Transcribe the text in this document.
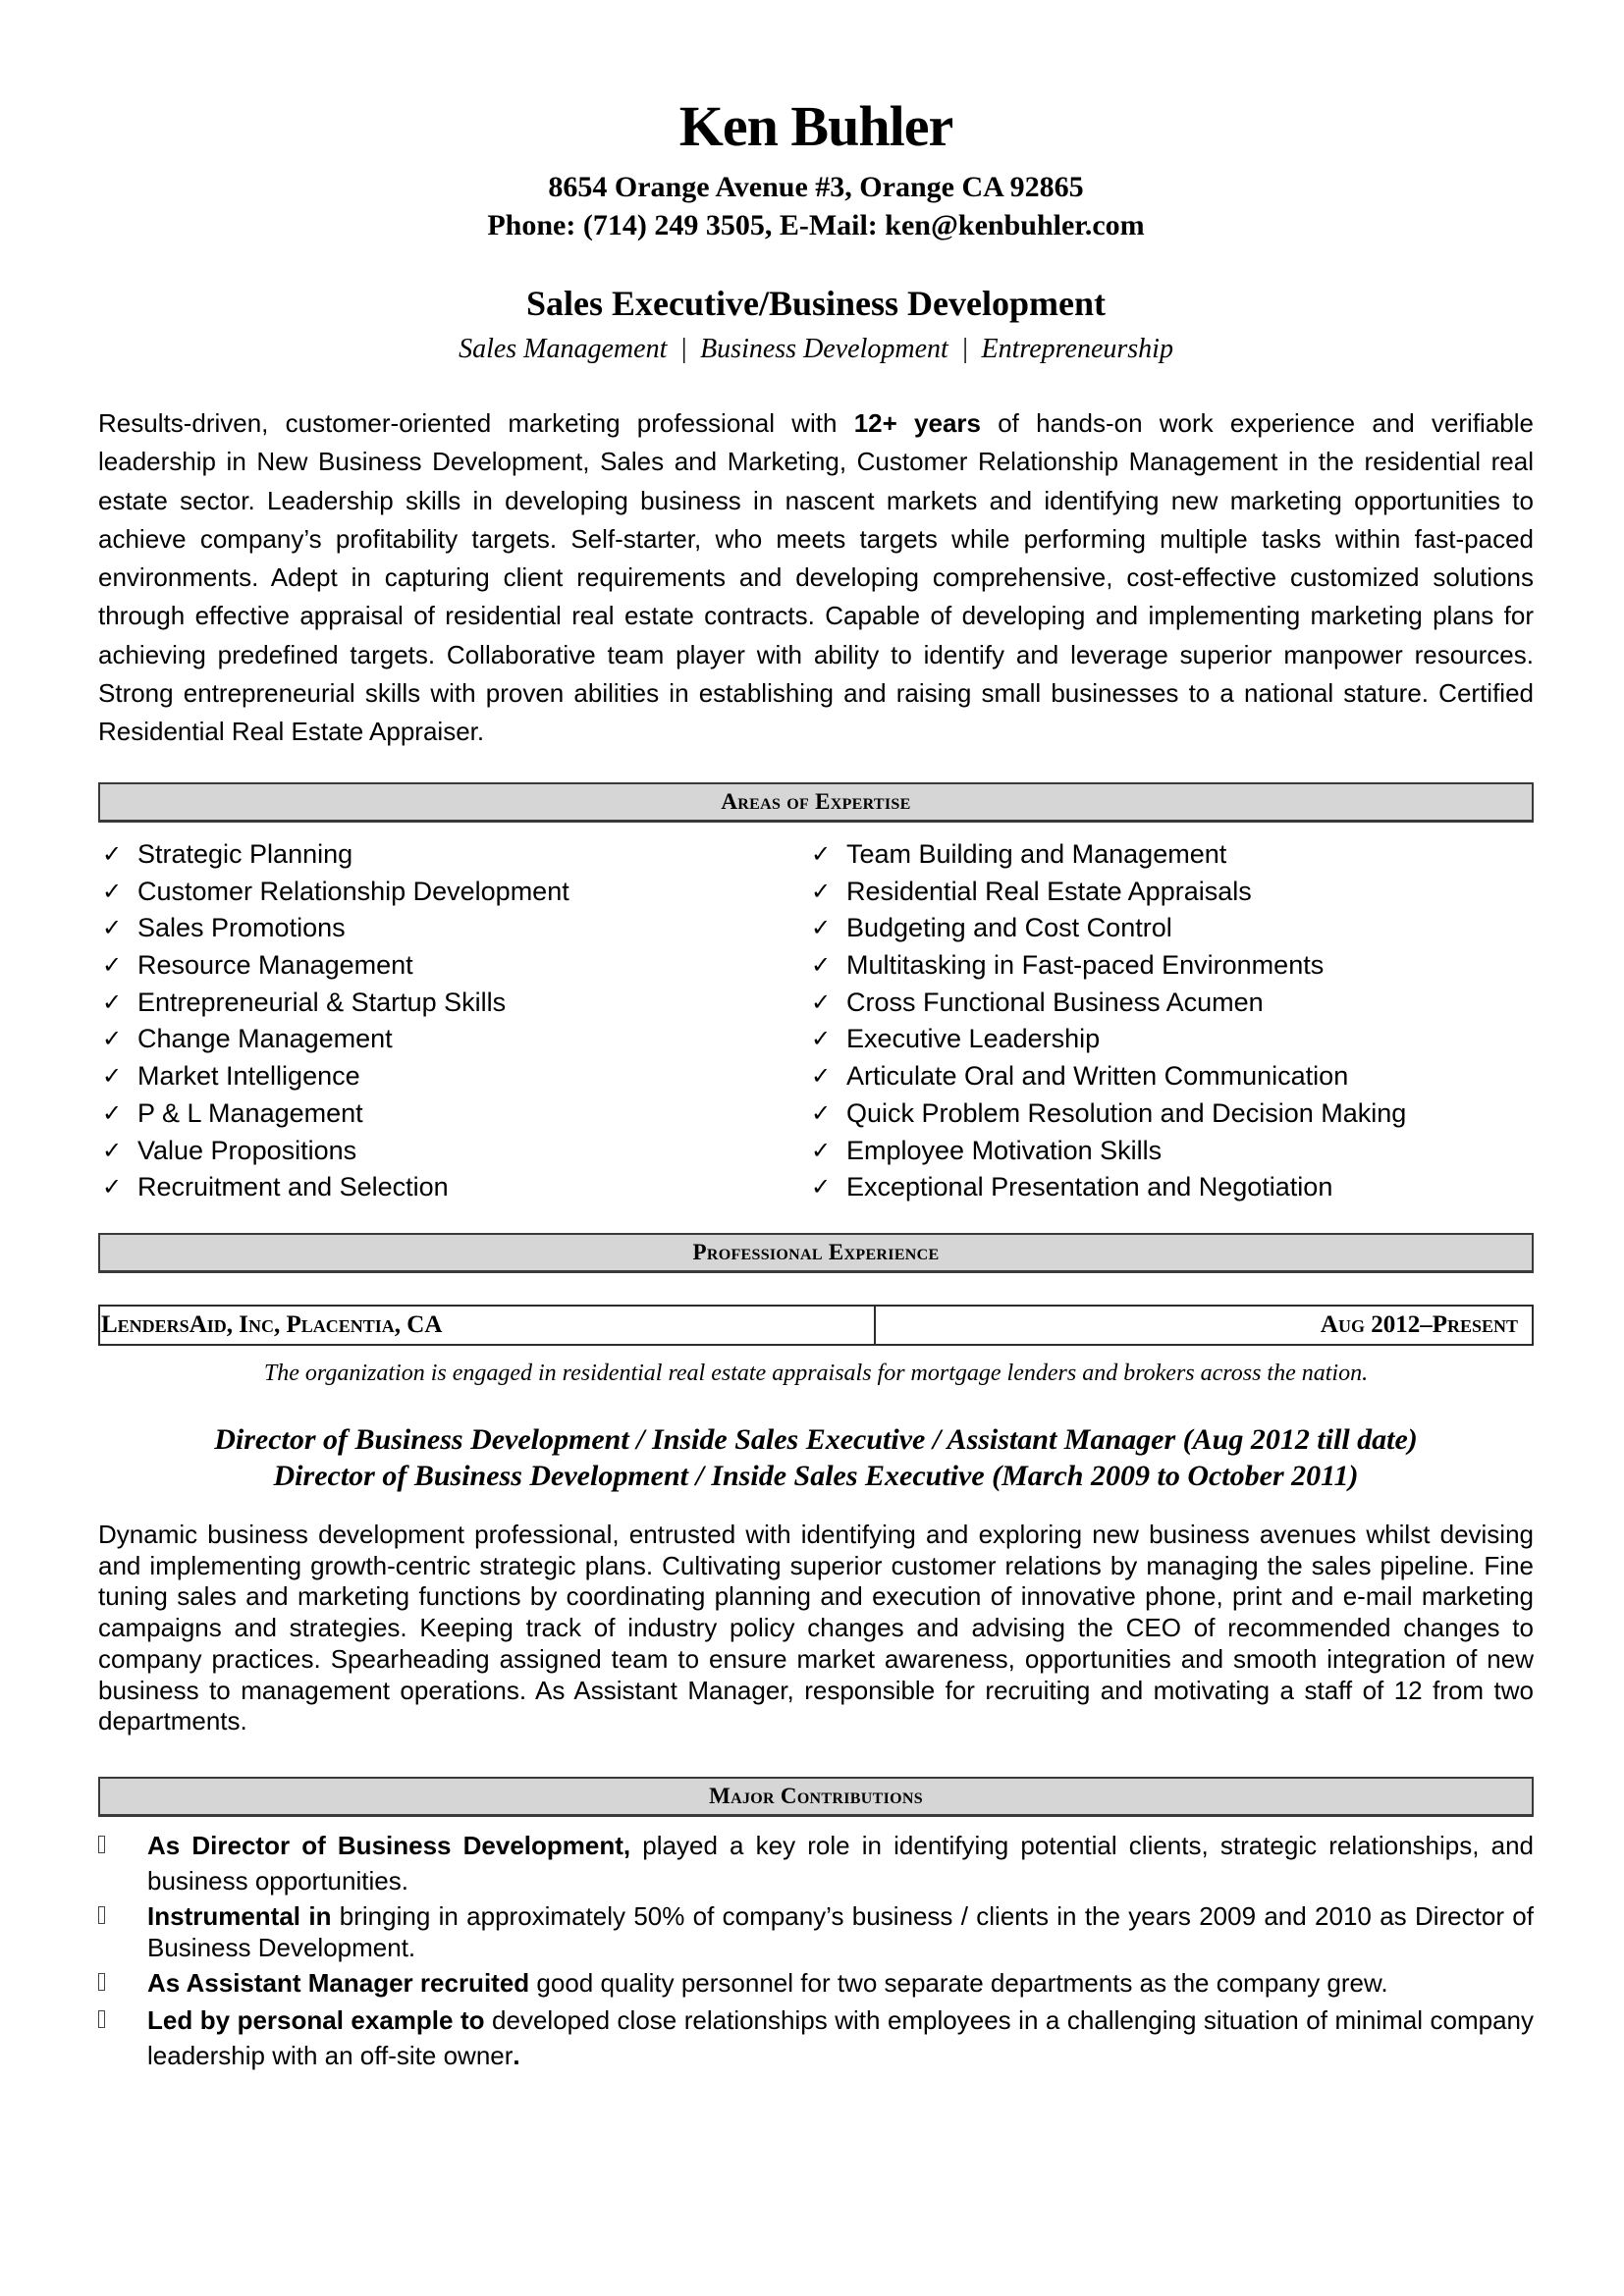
Ken Buhler
8654 Orange Avenue #3, Orange CA 92865
Phone: (714) 249 3505, E-Mail: ken@kenbuhler.com
Sales Executive/Business Development
Sales Management | Business Development | Entrepreneurship

Results-driven, customer-oriented marketing professional with 12+ years of hands-on work experience and verifiable leadership in New Business Development, Sales and Marketing, Customer Relationship Management in the residential real estate sector. Leadership skills in developing business in nascent markets and identifying new marketing opportunities to achieve company’s profitability targets. Self-starter, who meets targets while performing multiple tasks within fast-paced environments. Adept in capturing client requirements and developing comprehensive, cost-effective customized solutions through effective appraisal of residential real estate contracts. Capable of developing and implementing marketing plans for achieving predefined targets. Collaborative team player with ability to identify and leverage superior manpower resources. Strong entrepreneurial skills with proven abilities in establishing and raising small businesses to a national stature. Certified Residential Real Estate Appraiser.

Areas of Expertise
✓ Strategic Planning
✓ Customer Relationship Development
✓ Sales Promotions
✓ Resource Management
✓ Entrepreneurial & Startup Skills
✓ Change Management
✓ Market Intelligence
✓ P & L Management
✓ Value Propositions
✓ Recruitment and Selection
✓ Team Building and Management
✓ Residential Real Estate Appraisals
✓ Budgeting and Cost Control
✓ Multitasking in Fast-paced Environments
✓ Cross Functional Business Acumen
✓ Executive Leadership
✓ Articulate Oral and Written Communication
✓ Quick Problem Resolution and Decision Making
✓ Employee Motivation Skills
✓ Exceptional Presentation and Negotiation
Professional Experience
LendersAid, Inc, Placentia, CA	Aug 2012–Present
The organization is engaged in residential real estate appraisals for mortgage lenders and brokers across the nation.
Director of Business Development / Inside Sales Executive / Assistant Manager (Aug 2012 till date)
Director of Business Development / Inside Sales Executive (March 2009 to October 2011)

Dynamic business development professional, entrusted with identifying and exploring new business avenues whilst devising and implementing growth-centric strategic plans. Cultivating superior customer relations by managing the sales pipeline. Fine tuning sales and marketing functions by coordinating planning and execution of innovative phone, print and e-mail marketing campaigns and strategies. Keeping track of industry policy changes and advising the CEO of recommended changes to company practices. Spearheading assigned team to ensure market awareness, opportunities and smooth integration of new business to management operations. As Assistant Manager, responsible for recruiting and motivating a staff of 12 from two departments.

Major Contributions
As Director of Business Development, played a key role in identifying potential clients, strategic relationships, and business opportunities.
Instrumental in bringing in approximately 50% of company’s business / clients in the years 2009 and 2010 as Director of Business Development.
As Assistant Manager recruited good quality personnel for two separate departments as the company grew.
Led by personal example to developed close relationships with employees in a challenging situation of minimal company leadership with an off-site owner.
